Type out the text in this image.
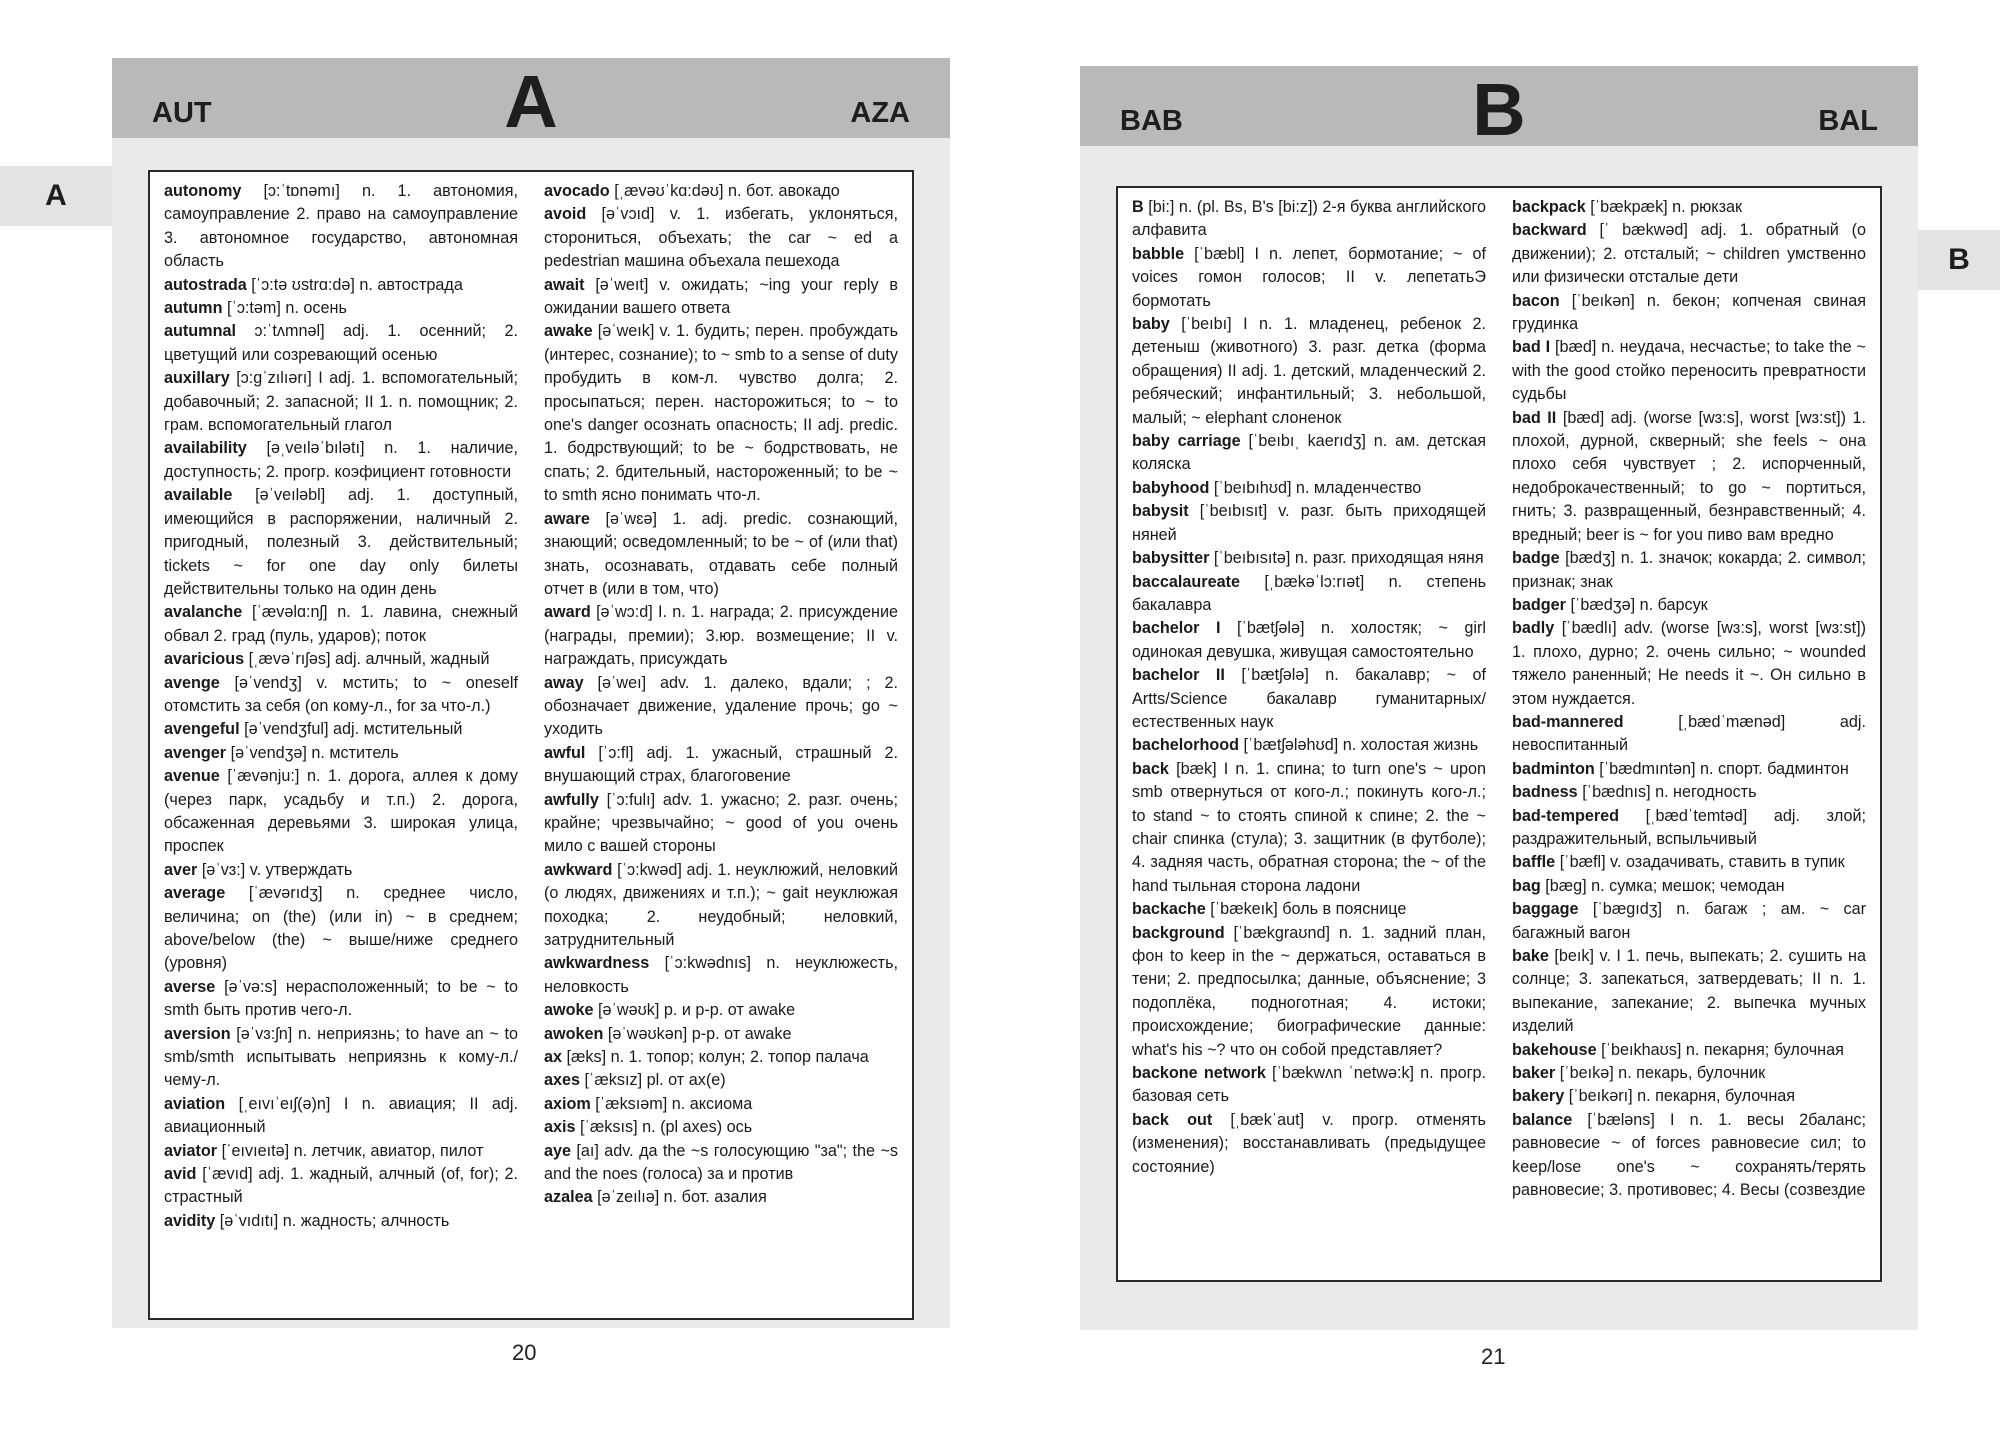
A
B
AUT	A	AZA

autonomy [ɔ:ˈtɒnəmı] n. 1. автономия, самоуправление 2. право на самоуправление 3. автономное государство, автономная область

autostrada [ˈɔ:tə ʊstrɑ:də] n. автострада

autumn [ˈɔ:təm] n. осень

autumnal ɔ:ˈtʌmnəl] adj. 1. осенний; 2. цветущий или созревающий осенью

auxillary [ɔ:gˈzılıərı] I adj. 1. вспомогательный; добавочный; 2. запасной; II 1. n. помощник; 2. грам. вспомогательный глагол

availability [əˌveıləˈbılətı] n. 1. наличие, доступность; 2. прогр. коэфициент готовности

available [əˈveıləbl] adj. 1. доступный, имеющийся в распоряжении, наличный 2. пригодный, полезный 3. действительный; tickets ~ for one day only билеты действительны только на один день

avalanche [ˈævəlɑ:nʃ] n. 1. лавина, снежный обвал 2. град (пуль, ударов); поток

avaricious [ˌævəˈrıʃəs] adj. алчный, жадный

avenge [əˈvendʒ] v. мстить; to ~ oneself отомстить за себя (on кому-л., for за что-л.)

avengeful [əˈvendʒful] adj. мстительный

avenger [əˈvendʒə] n. мститель

avenue [ˈævənju:] n. 1. дорога, аллея к дому (через парк, усадьбу и т.п.) 2. дорога, обсаженная деревьями 3. широкая улица, проспек

aver [əˈvɜ:] v. утверждать

average [ˈævərıdʒ] n. среднее число, величина; on (the) (или in) ~ в среднем; above/below (the) ~ выше/ниже среднего (уровня)

averse [əˈvə:s] нерасположенный; to be ~ to smth быть против чего-л.

aversion [əˈvɜ:ʃn] n. неприязнь; to have an ~ to smb/smth испытывать неприязнь к кому-л./чему-л.

aviation [ˌeıvıˈeıʃ(ə)n] I n. авиация; II adj. авиационный

aviator [ˈeıvıeıtə] n. летчик, авиатор, пилот

avid [ˈævıd] adj. 1. жадный, алчный (of, for); 2. страстный

avidity [əˈvıdıtı] n. жадность; алчность

avocado [ˌævəʊˈkɑ:dəʊ] n. бот. авокадо

avoid [əˈvɔıd] v. 1. избегать, уклоняться, сторониться, объехать; the car ~ ed a pedestrian машина объехала пешехода

await [əˈweıt] v. ожидать; ~ing your reply в ожидании вашего ответа

awake [əˈweık] v. 1. будить; перен. пробуждать (интерес, сознание); to ~ smb to a sense of duty пробудить в ком-л. чувство долга; 2. просыпаться; перен. насторожиться; to ~ to one's danger осознать опасность; II adj. predic. 1. бодрствующий; to be ~ бодрствовать, не спать; 2. бдительный, настороженный; to be ~ to smth ясно понимать что-л.

aware [əˈwɛə] 1. adj. predic. сознающий, знающий; осведомленный; to be ~ of (или that) знать, осознавать, отдавать себе полный отчет в (или в том, что)

award [əˈwɔ:d] I. n. 1. награда; 2. присуждение (награды, премии); 3.юр. возмещение; II v. награждать, присуждать

away [əˈweı] adv. 1. далеко, вдали; ; 2. обозначает движение, удаление прочь; go ~ уходить

awful [ˈɔ:fl] adj. 1. ужасный, страшный 2. внушающий страх, благоговение

awfully [ˈɔ:fulı] adv. 1. ужасно; 2. разг. очень; крайне; чрезвычайно; ~ good of you очень мило с вашей стороны

awkward [ˈɔ:kwəd] adj. 1. неуклюжий, неловкий (о людях, движениях и т.п.); ~ gait неуклюжая походка; 2. неудобный; неловкий, затруднительный

awkwardness [ˈɔ:kwədnıs] n. неуклюжесть, неловкость

awoke [əˈwəʊk] p. и p-p. от awake

awoken [əˈwəʊkən] p-p. от awake

ax [æks] n. 1. топор; колун; 2. топор палача

axes [ˈæksız] pl. от ax(e)

axiom [ˈæksıəm] n. аксиома

axis [ˈæksıs] n. (pl axes) ось

aye [aı] adv. да the ~s голосующию "за"; the ~s and the noes (голоса) за и против

azalea [əˈzeılıə] n. бот. азалия

20
BAB	B	BAL

B [bi:] n. (pl. Bs, B's [bi:z]) 2-я буква английского алфавита

babble [ˈbæbl] I n. лепет, бормотание; ~ of voices гомон голосов; II v. лепетатьЭ бормотать

baby [ˈbeıbı] I n. 1. младенец, ребенок 2. детеныш (животного) 3. разг. детка (форма обращения) II adj. 1. детский, младенческий 2. ребяческий; инфантильный; 3. небольшой, малый; ~ elephant слоненок

baby carriage [ˈbeıbıˌ kaerıdʒ] n. ам. детская коляска

babyhood [ˈbeıbıhʊd] n. младенчество

babysit [ˈbeıbısıt] v. разг. быть приходящей няней

babysitter [ˈbeıbısıtə] n. разг. приходящая няня

baccalaureate [ˌbækəˈlɔ:rıət] n. степень бакалавра

bachelor I [ˈbætʃələ] n. холостяк; ~ girl одинокая девушка, живущая самостоятельно

bachelor II [ˈbætʃələ] n. бакалавр; ~ of Artts/Science бакалавр гуманитарных/естественных наук

bachelorhood [ˈbætʃələhʊd] n. холостая жизнь

back [bæk] I n. 1. спина; to turn one's ~ upon smb отвернуться от кого-л.; покинуть кого-л.; to stand ~ to стоять спиной к спине; 2. the ~ chair спинка (стула); 3. защитник (в футболе); 4. задняя часть, обратная сторона; the ~ of the hand тыльная сторона ладони

backache [ˈbækeık] боль в пояснице

background [ˈbækgraʊnd] n. 1. задний план, фон to keep in the ~ держаться, оставаться в тени; 2. предпосылка; данные, объяснение; 3 подоплёка, подноготная; 4. истоки; происхождение; биографические данные: what's his ~? что он собой представляет?

backone network [ˈbækwʌn ˈnetwə:k] n. прогр. базовая сеть

back out [ˌbækˈaut] v. прогр. отменять (изменения); восстанавливать (предыдущее состояние)

backpack [ˈbækpæk] n. рюкзак

backward [ˈ bækwəd] adj. 1. обратный (о движении); 2. отсталый; ~ children умственно или физически отсталые дети

bacon [ˈbeıkən] n. бекон; копченая свиная грудинка

bad I [bæd] n. неудача, несчастье; to take the ~ with the good стойко переносить превратности судьбы

bad II [bæd] adj. (worse [wɜ:s], worst [wɜ:st]) 1. плохой, дурной, скверный; she feels ~ она плохо себя чувствует ; 2. испорченный, недоброкачественный; to go ~ портиться, гнить; 3. развращенный, безнравственный; 4. вредный; beer is ~ for you пиво вам вредно

badge [bædʒ] n. 1. значок; кокарда; 2. символ; признак; знак

badger [ˈbædʒə] n. барсук

badly [ˈbædlı] adv. (worse [wɜ:s], worst [wɜ:st]) 1. плохо, дурно; 2. очень сильно; ~ wounded тяжело раненный; He needs it ~. Он сильно в этом нуждается.

bad-mannered	[ˌbædˈmænəd] adj. невоспитанный

badminton [ˈbædmıntən] n. спорт. бадминтон

badness [ˈbædnıs] n. негодность

bad-tempered [ˌbædˈtemtəd] adj. злой; раздражительный, вспыльчивый

baffle [ˈbæfl] v. озадачивать, ставить в тупик

bag [bæg] n. сумка; мешок; чемодан

baggage [ˈbægıdʒ] n. багаж ; ам. ~ car багажный вагон

bake [beık] v. I 1. печь, выпекать; 2. сушить на солнце; 3. запекаться, затвердевать; II n. 1. выпекание, запекание; 2. выпечка мучных изделий

bakehouse [ˈbeıkhaʊs] n. пекарня; булочная

baker [ˈbeıkə] n. пекарь, булочник

bakery [ˈbeıkərı] n. пекарня, булочная

balance [ˈbæləns] I n. 1. весы 2баланс; равновесие ~ of forces равновесие сил; to keep/lose one's ~ сохранять/терять равновесие; 3. противовес; 4. Весы (созвездие

21
